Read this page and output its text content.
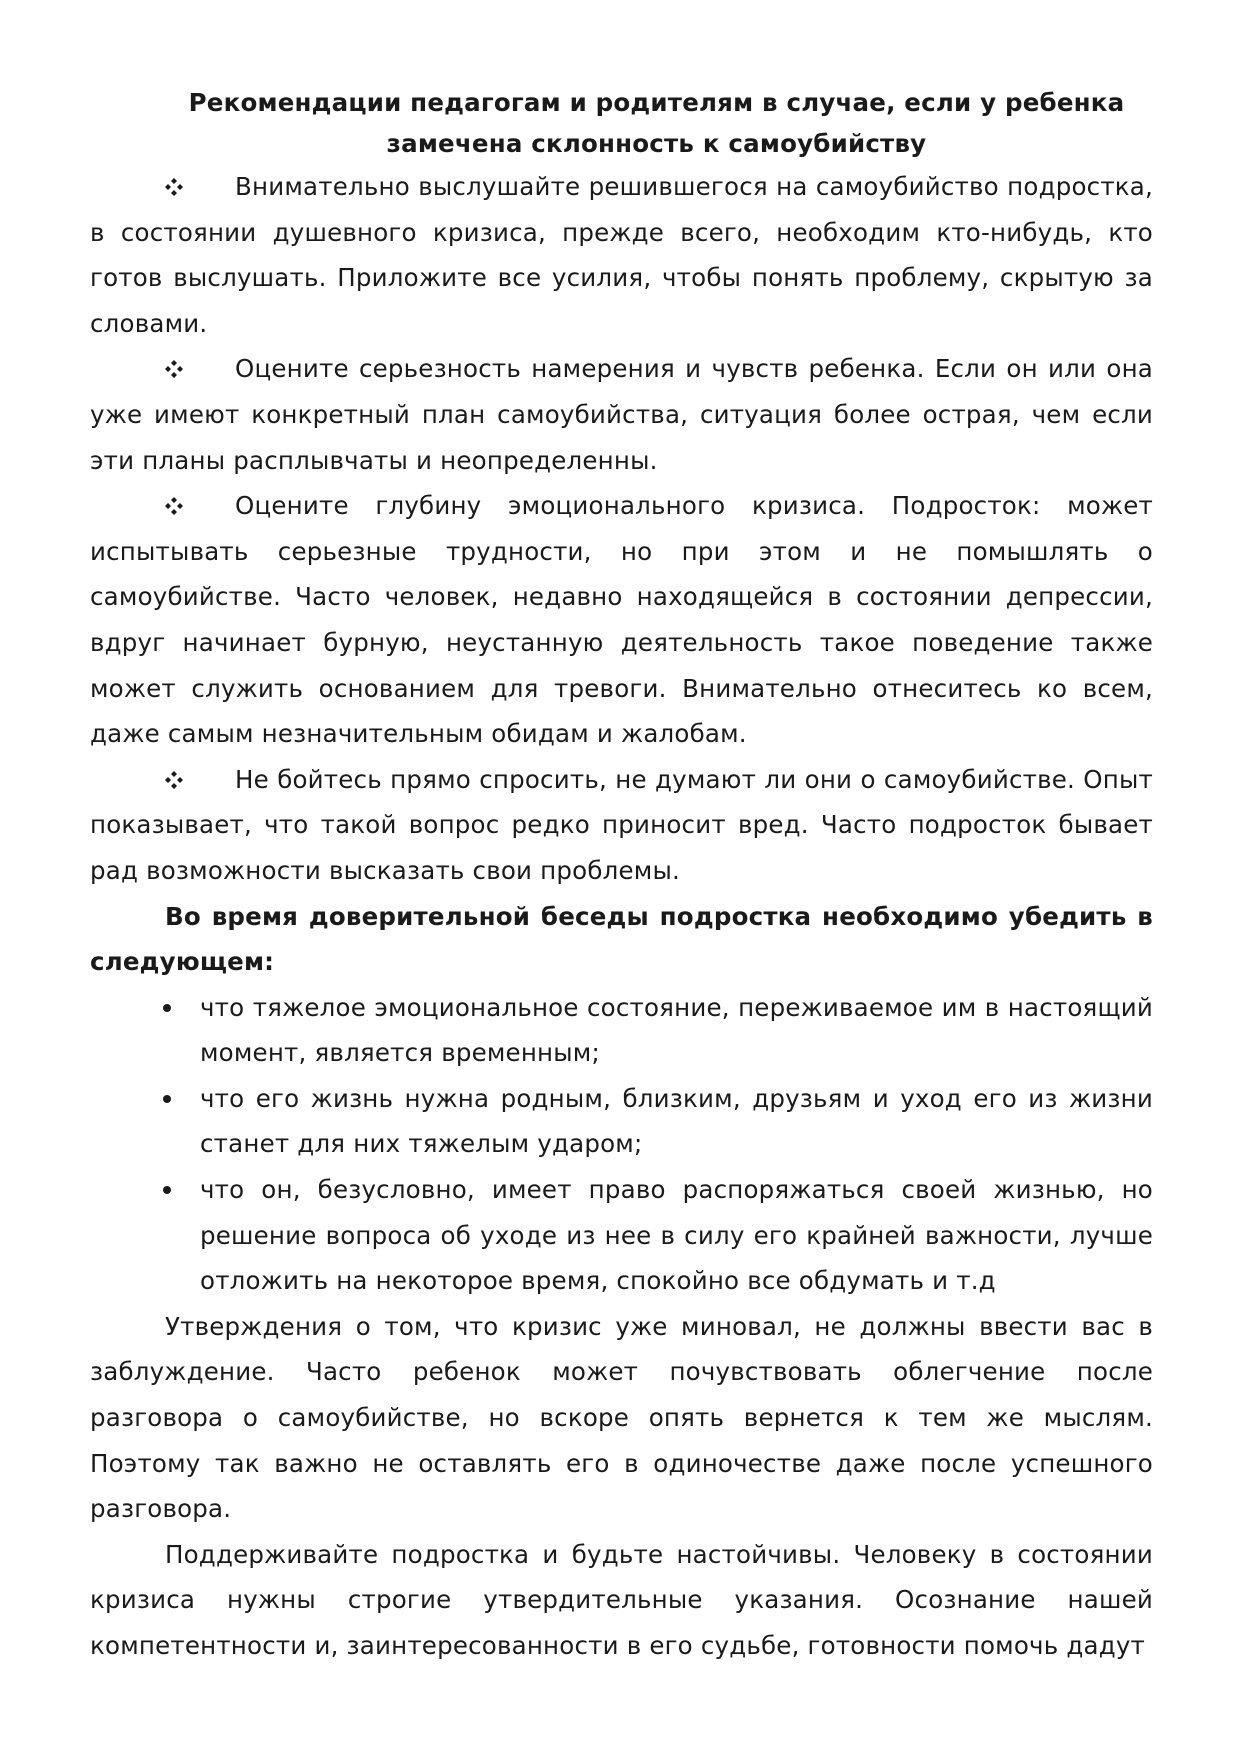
Рекомендации педагогам и родителям в случае, если у ребенка
замечена склонность к самоубийству

Внимательно выслушайте решившегося на самоубийство подростка, в состоянии душевного кризиса, прежде всего, необходим кто-нибудь, кто готов выслушать. Приложите все усилия, чтобы понять проблему, скрытую за словами.

Оцените серьезность намерения и чувств ребенка. Если он или она уже имеют конкретный план самоубийства, ситуация более острая, чем если эти планы расплывчаты и неопределенны.

Оцените глубину эмоционального кризиса. Подросток: может испытывать серьезные трудности, но при этом и не помышлять о самоубийстве. Часто человек, недавно находящейся в состоянии депрессии, вдруг начинает бурную, неустанную деятельность такое поведение также может служить основанием для тревоги. Внимательно отнеситесь ко всем, даже самым незначительным обидам и жалобам.

Не бойтесь прямо спросить, не думают ли они о самоубийстве. Опыт показывает, что такой вопрос редко приносит вред. Часто подросток бывает рад возможности высказать свои проблемы.

Во время доверительной беседы подростка необходимо убедить в следующем:

что тяжелое эмоциональное состояние, переживаемое им в настоящий момент, является временным;
что его жизнь нужна родным, близким, друзьям и уход его из жизни станет для них тяжелым ударом;
что он, безусловно, имеет право распоряжаться своей жизнью, но решение вопроса об уходе из нее в силу его крайней важности, лучше отложить на некоторое время, спокойно все обдумать и т.д

Утверждения о том, что кризис уже миновал, не должны ввести вас в заблуждение. Часто ребенок может почувствовать облегчение после разговора о самоубийстве, но вскоре опять вернется к тем же мыслям. Поэтому так важно не оставлять его в одиночестве даже после успешного разговора.

Поддерживайте подростка и будьте настойчивы. Человеку в состоянии кризиса нужны строгие утвердительные указания. Осознание нашей компетентности и, заинтересованности в его судьбе, готовности помочь дадут
